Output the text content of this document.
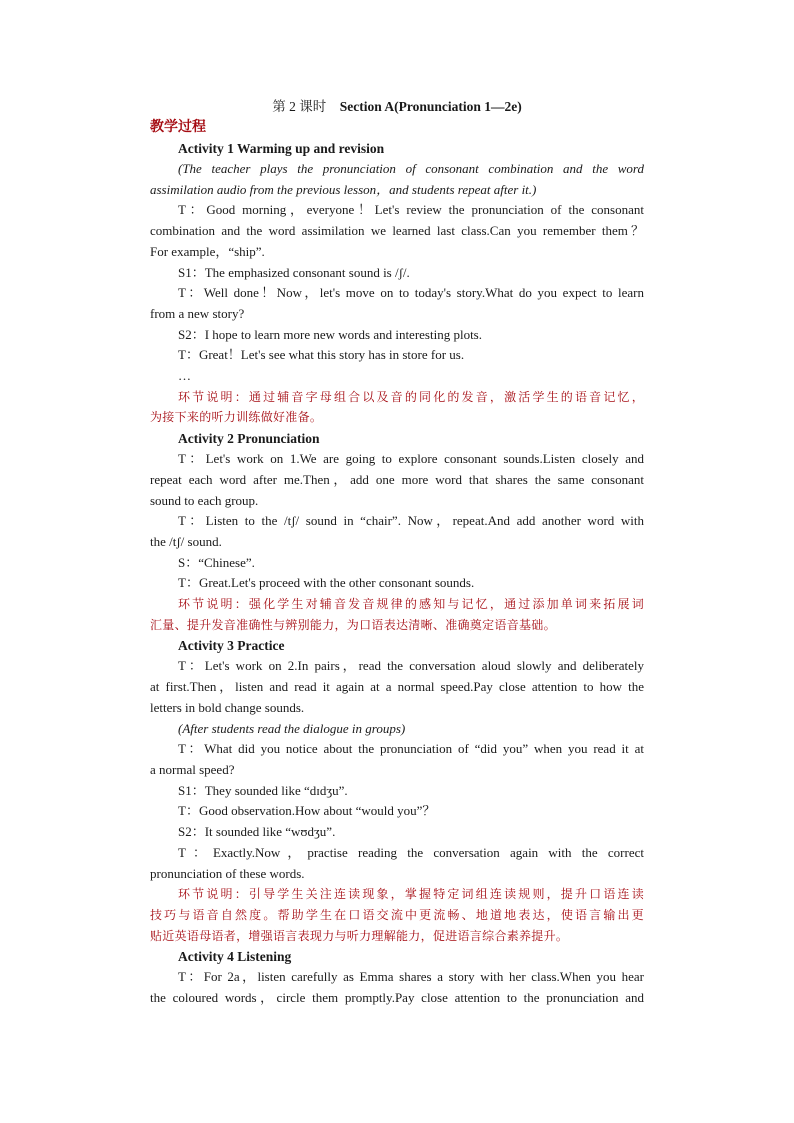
第 2 课时 Section A(Pronunciation 1—2e)
教学过程
Activity 1 Warming up and revision
(The teacher plays the pronunciation of consonant combination and the word
assimilation audio from the previous lesson，and students repeat after it.)
T：Good morning，everyone！Let's review the pronunciation of the consonant
combination and the word assimilation we learned last class.Can you remember them？
For example，“ship”.
S1：The emphasized consonant sound is /ʃ/.
T：Well done！Now，let's move on to today's story.What do you expect to learn
from a new story?
S2：I hope to learn more new words and interesting plots.
T：Great！Let's see what this story has in store for us.
…
环节说明：通过辅音字母组合以及音的同化的发音，激活学生的语音记忆，
为接下来的听力训练做好准备。
Activity 2 Pronunciation
T：Let's work on 1.We are going to explore consonant sounds.Listen closely and
repeat each word after me.Then，add one more word that shares the same consonant
sound to each group.
T：Listen to the /tʃ/ sound in “chair”. Now，repeat.And add another word with
the /tʃ/ sound.
S：“Chinese”.
T：Great.Let's proceed with the other consonant sounds.
环节说明：强化学生对辅音发音规律的感知与记忆，通过添加单词来拓展词
汇量、提升发音准确性与辨别能力，为口语表达清晰、准确奠定语音基础。
Activity 3 Practice
T：Let's work on 2.In pairs，read the conversation aloud slowly and deliberately
at first.Then，listen and read it again at a normal speed.Pay close attention to how the
letters in bold change sounds.
(After students read the dialogue in groups)
T：What did you notice about the pronunciation of “did you” when you read it at
a normal speed?
S1：They sounded like “dɪdʒu”.
T：Good observation.How about “would you”？
S2：It sounded like “wʊdʒu”.
T：Exactly.Now，practise reading the conversation again with the correct
pronunciation of these words.
环节说明：引导学生关注连读现象，掌握特定词组连读规则，提升口语连读
技巧与语音自然度。帮助学生在口语交流中更流畅、地道地表达，使语言输出更
贴近英语母语者，增强语言表现力与听力理解能力，促进语言综合素养提升。
Activity 4 Listening
T：For 2a，listen carefully as Emma shares a story with her class.When you hear
the coloured words，circle them promptly.Pay close attention to the pronunciation and
